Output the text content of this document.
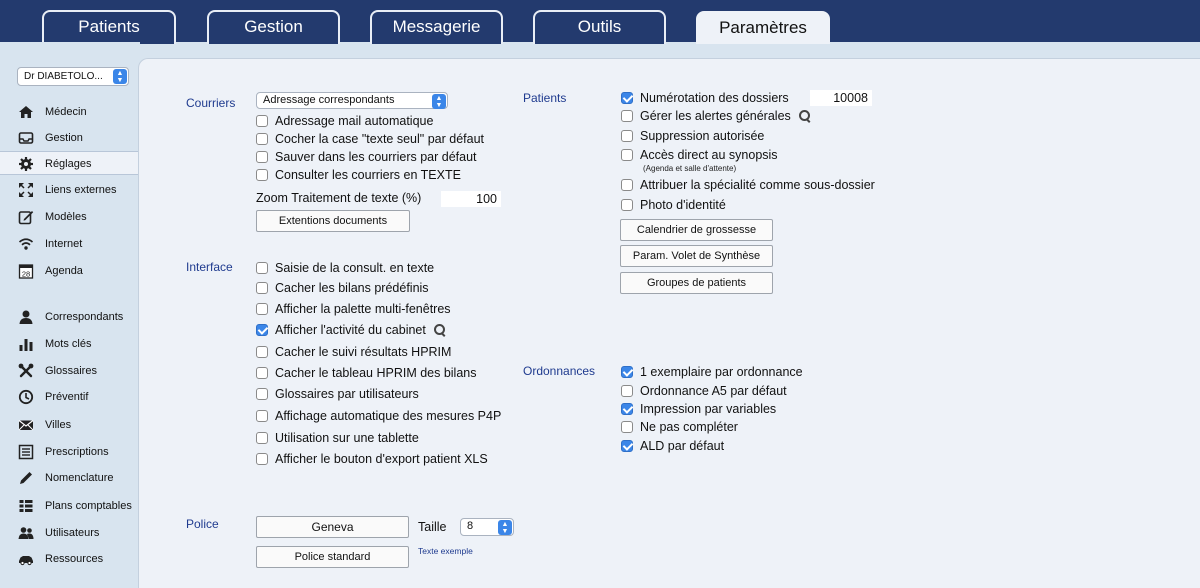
Patients	Gestion	Messagerie	Outils	Paramètres
Dr DIABETOLO...	▲
▼
Médecin
Gestion
Réglages
Liens externes
Modèles
Internet
28 Agenda
Correspondants
Mots clés
Glossaires
Préventif
Villes
Prescriptions
Nomenclature
Plans comptables
Utilisateurs
Ressources
Courriers	Adressage correspondants	▲
▼
Adressage mail automatique
Cocher la case "texte seul" par défaut
Sauver dans les courriers par défaut
Consulter les courriers en TEXTE
Zoom Traitement de texte (%)	100
Extentions documents
Interface	Saisie de la consult. en texte
Cacher les bilans prédéfinis
Afficher la palette multi-fenêtres
Afficher l'activité du cabinet
Cacher le suivi résultats HPRIM
Cacher le tableau HPRIM des bilans
Glossaires par utilisateurs
Affichage automatique des mesures P4P
Utilisation sur une tablette
Afficher le bouton d'export patient XLS
Police	Geneva	Taille	8	▲
▼
Police standard	Texte exemple
Patients	Numérotation des dossiers	10008
Gérer les alertes générales
Suppression autorisée
Accès direct au synopsis
(Agenda et salle d'attente)
Attribuer la spécialité comme sous-dossier
Photo d'identité
Calendrier de grossesse
Param. Volet de Synthèse
Groupes de patients
Ordonnances	1 exemplaire par ordonnance
Ordonnance A5 par défaut
Impression par variables
Ne pas compléter
ALD par défaut
